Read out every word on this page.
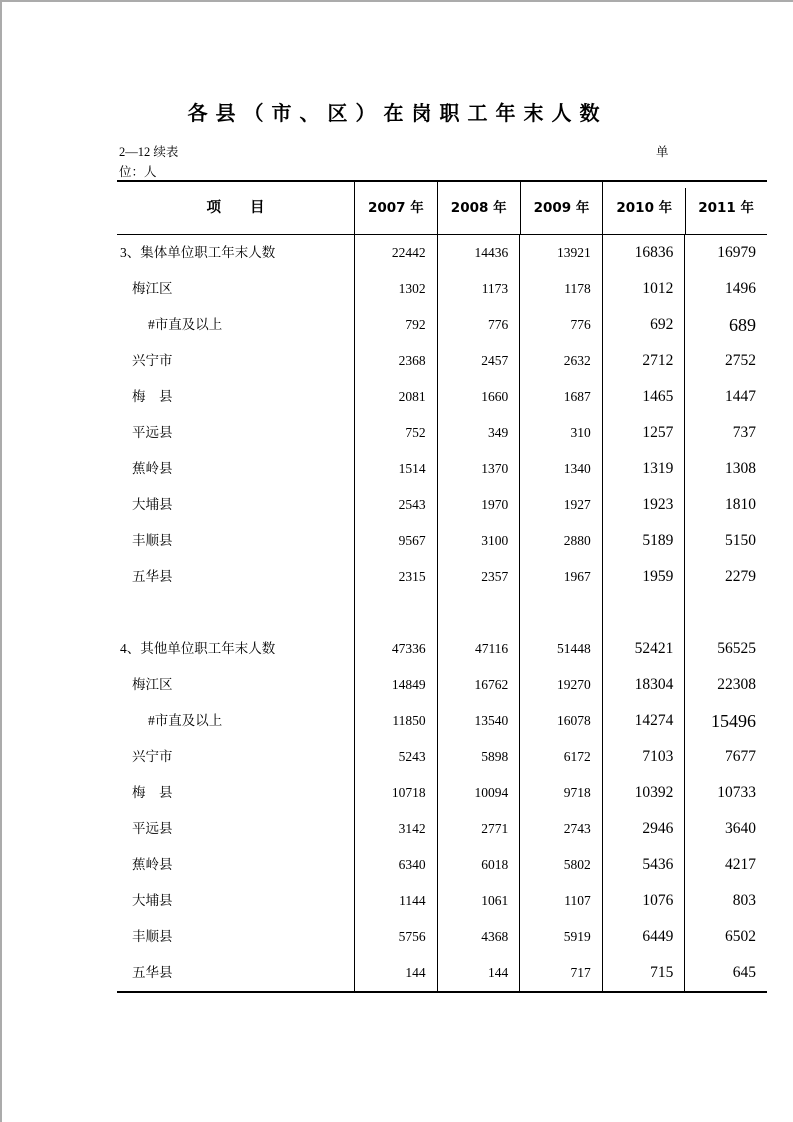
各县（市、区）在岗职工年末人数
2—12 续表	单
位：人
项　　目	2007 年	2008 年	2009 年	2010 年	2011 年
3、集体单位职工年末人数	22442	14436	13921	16836	16979
梅江区	1302	1173	1178	1012	1496
#市直及以上	792	776	776	692	689
兴宁市	2368	2457	2632	2712	2752
梅　县	2081	1660	1687	1465	1447
平远县	752	349	310	1257	737
蕉岭县	1514	1370	1340	1319	1308
大埔县	2543	1970	1927	1923	1810
丰顺县	9567	3100	2880	5189	5150
五华县	2315	2357	1967	1959	2279
4、其他单位职工年末人数	47336	47116	51448	52421	56525
梅江区	14849	16762	19270	18304	22308
#市直及以上	11850	13540	16078	14274	15496
兴宁市	5243	5898	6172	7103	7677
梅　县	10718	10094	9718	10392	10733
平远县	3142	2771	2743	2946	3640
蕉岭县	6340	6018	5802	5436	4217
大埔县	1144	1061	1107	1076	803
丰顺县	5756	4368	5919	6449	6502
五华县	144	144	717	715	645
